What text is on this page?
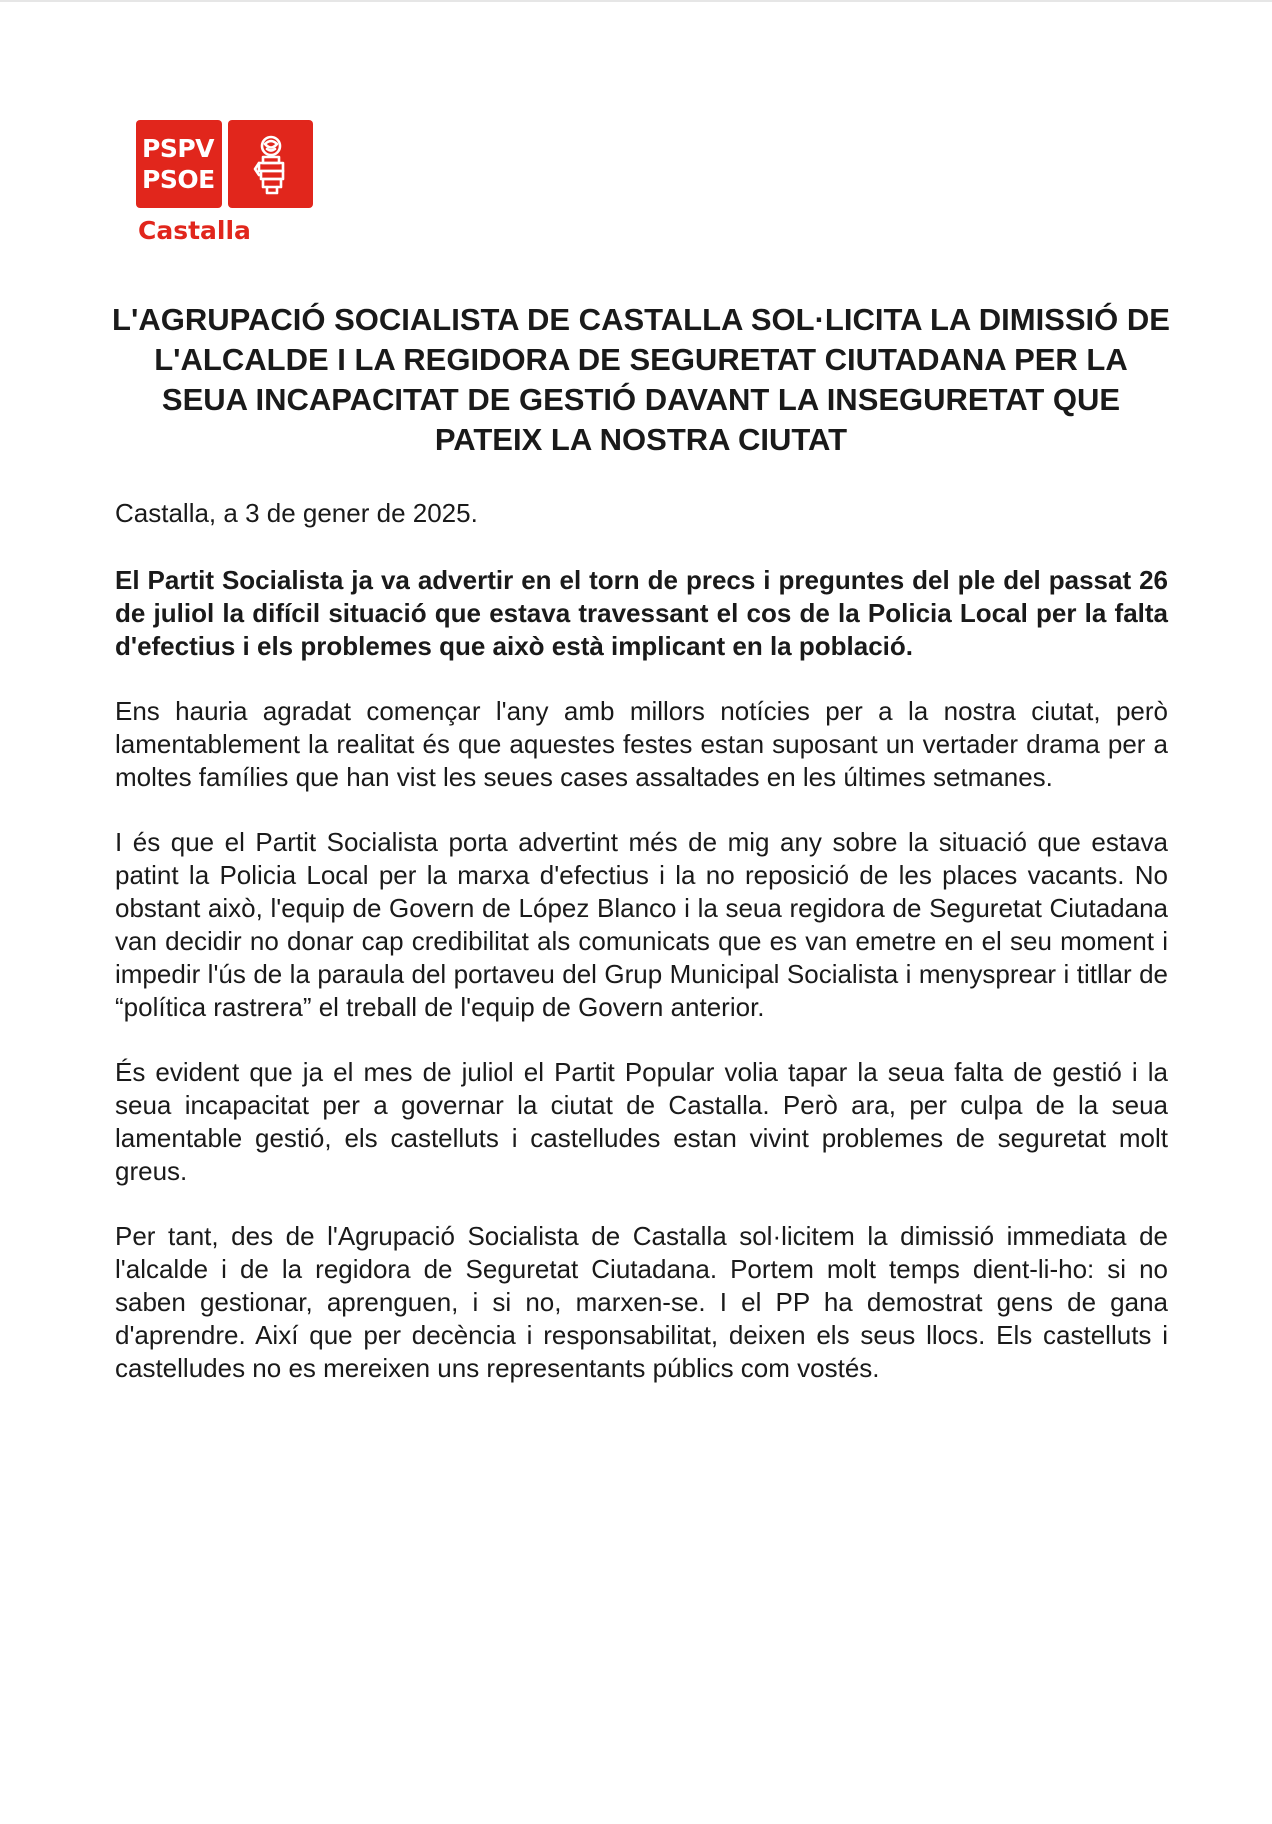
PSPV
PSOE
Castalla
L'AGRUPACIÓ SOCIALISTA DE CASTALLA SOL·LICITA LA DIMISSIÓ DE L'ALCALDE I LA REGIDORA DE SEGURETAT CIUTADANA PER LA SEUA INCAPACITAT DE GESTIÓ DAVANT LA INSEGURETAT QUE PATEIX LA NOSTRA CIUTAT

Castalla, a 3 de gener de 2025.

El Partit Socialista ja va advertir en el torn de precs i preguntes del ple del passat 26 de juliol la difícil situació que estava travessant el cos de la Policia Local per la falta d'efectius i els problemes que això està implicant en la població.

Ens hauria agradat començar l'any amb millors notícies per a la nostra ciutat, però lamentablement la realitat és que aquestes festes estan suposant un vertader drama per a moltes famílies que han vist les seues cases assaltades en les últimes setmanes.

I és que el Partit Socialista porta advertint més de mig any sobre la situació que estava patint la Policia Local per la marxa d'efectius i la no reposició de les places vacants. No obstant això, l'equip de Govern de López Blanco i la seua regidora de Seguretat Ciutadana van decidir no donar cap credibilitat als comunicats que es van emetre en el seu moment i impedir l'ús de la paraula del portaveu del Grup Municipal Socialista i menysprear i titllar de “política rastrera” el treball de l'equip de Govern anterior.

És evident que ja el mes de juliol el Partit Popular volia tapar la seua falta de gestió i la seua incapacitat per a governar la ciutat de Castalla. Però ara, per culpa de la seua lamentable gestió, els castelluts i castelludes estan vivint problemes de seguretat molt greus.

Per tant, des de l'Agrupació Socialista de Castalla sol·licitem la dimissió immediata de l'alcalde i de la regidora de Seguretat Ciutadana. Portem molt temps dient-li-ho: si no saben gestionar, aprenguen, i si no, marxen-se. I el PP ha demostrat gens de gana d'aprendre. Així que per decència i responsabilitat, deixen els seus llocs. Els castelluts i castelludes no es mereixen uns representants públics com vostés.
